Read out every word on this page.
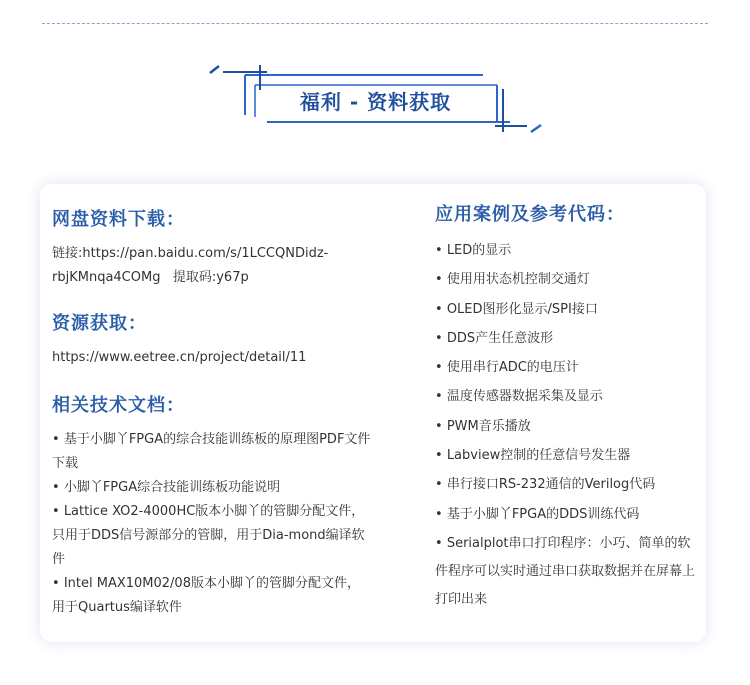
福利 - 资料获取
网盘资料下载：

链接:https://pan.baidu.com/s/1LCCQNDidz-

rbjKMnqa4COMg   提取码:y67p

资源获取：

https://www.eetree.cn/project/detail/11

相关技术文档：
• 基于小脚丫FPGA的综合技能训练板的原理图PDF文件下载
• 小脚丫FPGA综合技能训练板功能说明
• Lattice XO2-4000HC版本小脚丫的管脚分配文件，只用于DDS信号源部分的管脚，用于Dia-mond编译软件
• Intel MAX10M02/08版本小脚丫的管脚分配文件，用于Quartus编译软件
应用案例及参考代码：
• LED的显示
• 使用用状态机控制交通灯
• OLED图形化显示/SPI接口
• DDS产生任意波形
• 使用串行ADC的电压计
• 温度传感器数据采集及显示
• PWM音乐播放
• Labview控制的任意信号发生器
• 串行接口RS-232通信的Verilog代码
• 基于小脚丫FPGA的DDS训练代码
• Serialplot串口打印程序：小巧、简单的软件程序可以实时通过串口获取数据并在屏幕上打印出来
